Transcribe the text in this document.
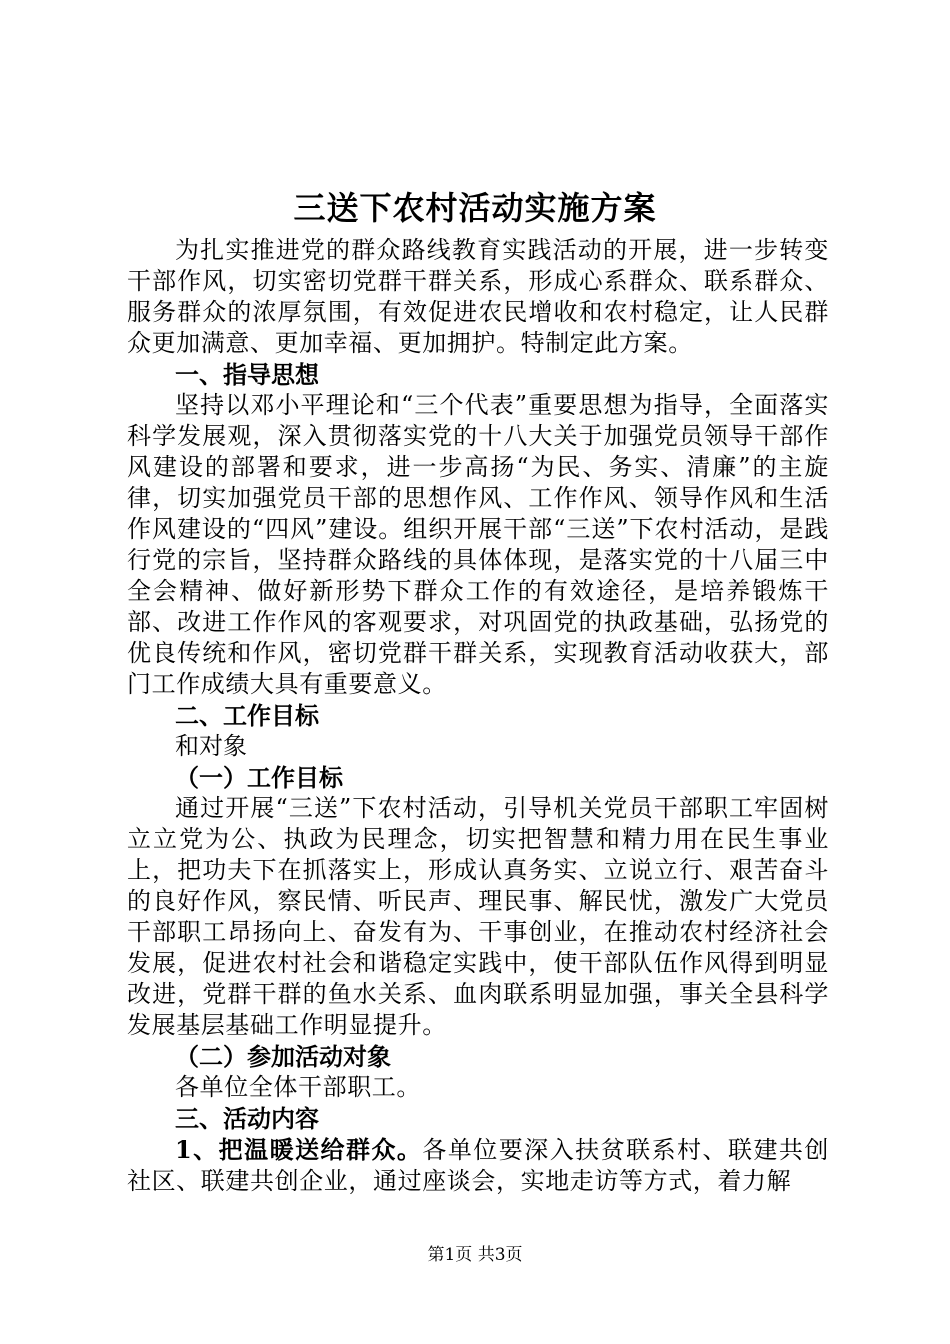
三送下农村活动实施方案

为扎实推进党的群众路线教育实践活动的开展，进一步转变干部作风，切实密切党群干群关系，形成心系群众、联系群众、服务群众的浓厚氛围，有效促进农民增收和农村稳定，让人民群众更加满意、更加幸福、更加拥护。特制定此方案。

一、指导思想

坚持以邓小平理论和“三个代表”重要思想为指导，全面落实科学发展观，深入贯彻落实党的十八大关于加强党员领导干部作风建设的部署和要求，进一步高扬“为民、务实、清廉”的主旋律，切实加强党员干部的思想作风、工作作风、领导作风和生活作风建设的“四风”建设。组织开展干部“三送”下农村活动，是践行党的宗旨，坚持群众路线的具体体现，是落实党的十八届三中全会精神、做好新形势下群众工作的有效途径，是培养锻炼干部、改进工作作风的客观要求，对巩固党的执政基础，弘扬党的优良传统和作风，密切党群干群关系，实现教育活动收获大，部门工作成绩大具有重要意义。

二、工作目标

和对象

（一）工作目标

通过开展“三送”下农村活动，引导机关党员干部职工牢固树立立党为公、执政为民理念，切实把智慧和精力用在民生事业上，把功夫下在抓落实上，形成认真务实、立说立行、艰苦奋斗的良好作风，察民情、听民声、理民事、解民忧，激发广大党员干部职工昂扬向上、奋发有为、干事创业，在推动农村经济社会发展，促进农村社会和谐稳定实践中，使干部队伍作风得到明显改进，党群干群的鱼水关系、血肉联系明显加强，事关全县科学发展基层基础工作明显提升。

（二）参加活动对象

各单位全体干部职工。

三、活动内容

1、把温暖送给群众。各单位要深入扶贫联系村、联建共创社区、联建共创企业，通过座谈会，实地走访等方式，着力解

第1页 共3页
